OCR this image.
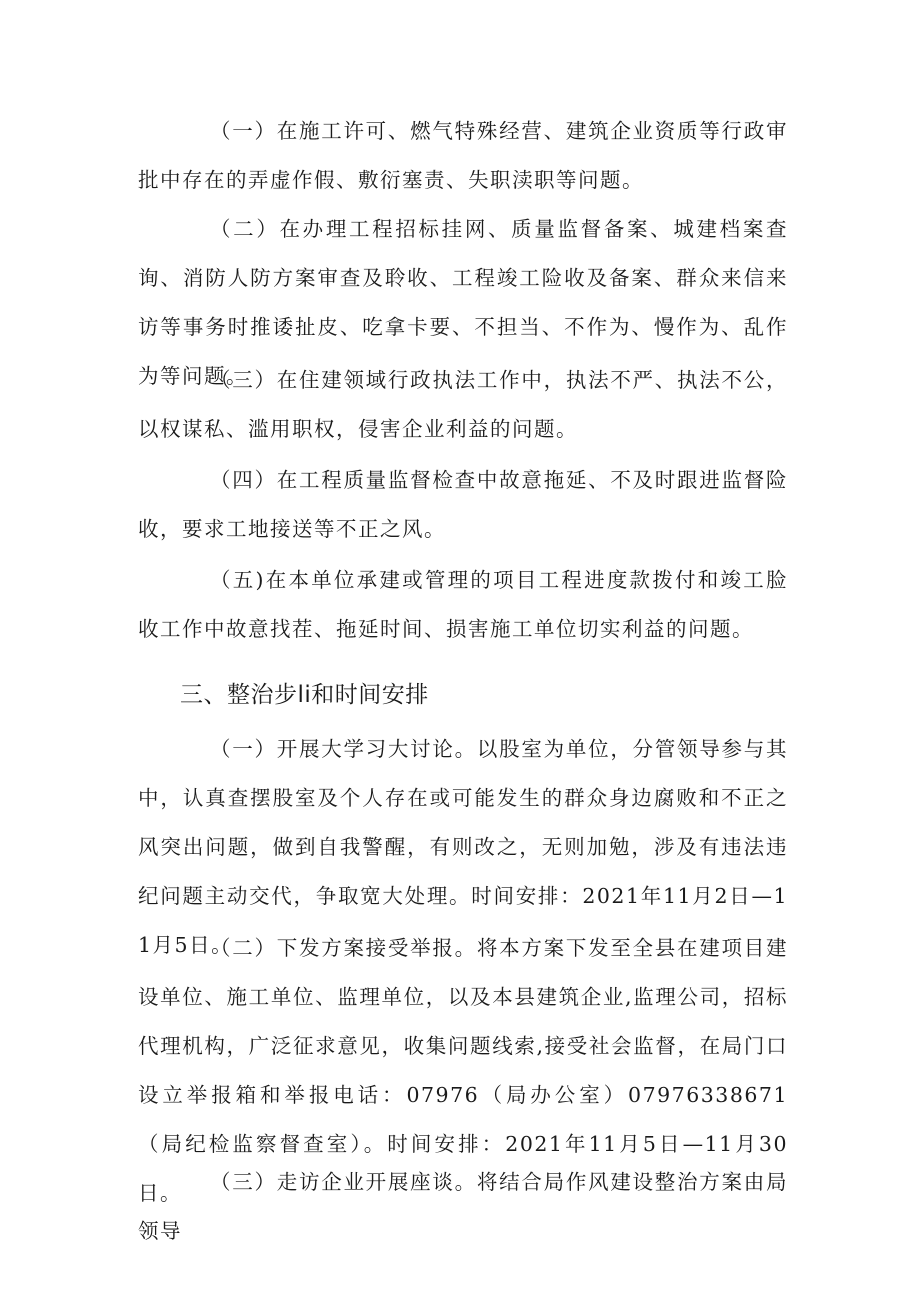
（一）在施工许可、燃气特殊经营、建筑企业资质等行政审批中存在的弄虚作假、敷衍塞责、失职渎职等问题。

（二）在办理工程招标挂网、质量监督备案、城建档案查询、消防人防方案审查及聆收、工程竣工险收及备案、群众来信来访等事务时推诿扯皮、吃拿卡要、不担当、不作为、慢作为、乱作为等问题。

（三）在住建领域行政执法工作中，执法不严、执法不公，以权谋私、滥用职权，侵害企业利益的问题。

（四）在工程质量监督检查中故意拖延、不及时跟进监督险收，要求工地接送等不正之风。

（五)在本单位承建或管理的项目工程进度款拨付和竣工脸收工作中故意找茬、拖延时间、损害施工单位切实利益的问题。

三、整治步li和时间安排

（一）开展大学习大讨论。以股室为单位，分管领导参与其中，认真查摆股室及个人存在或可能发生的群众身边腐败和不正之风突出问题，做到自我警醒，有则改之，无则加勉，涉及有违法违纪问题主动交代，争取宽大处理。时间安排：2021年11月2日—11月5日。

（二）下发方案接受举报。将本方案下发至全县在建项目建设单位、施工单位、监理单位，以及本县建筑企业,监理公司，招标代理机构，广泛征求意见，收集问题线索,接受社会监督，在局门口设立举报箱和举报电话：07976（局办公室）07976338671（局纪检监察督查室）。时间安排：2021年11月5日—11月30日。	（三）走访企业开展座谈。将结合局作风建设整治方案由局领导
